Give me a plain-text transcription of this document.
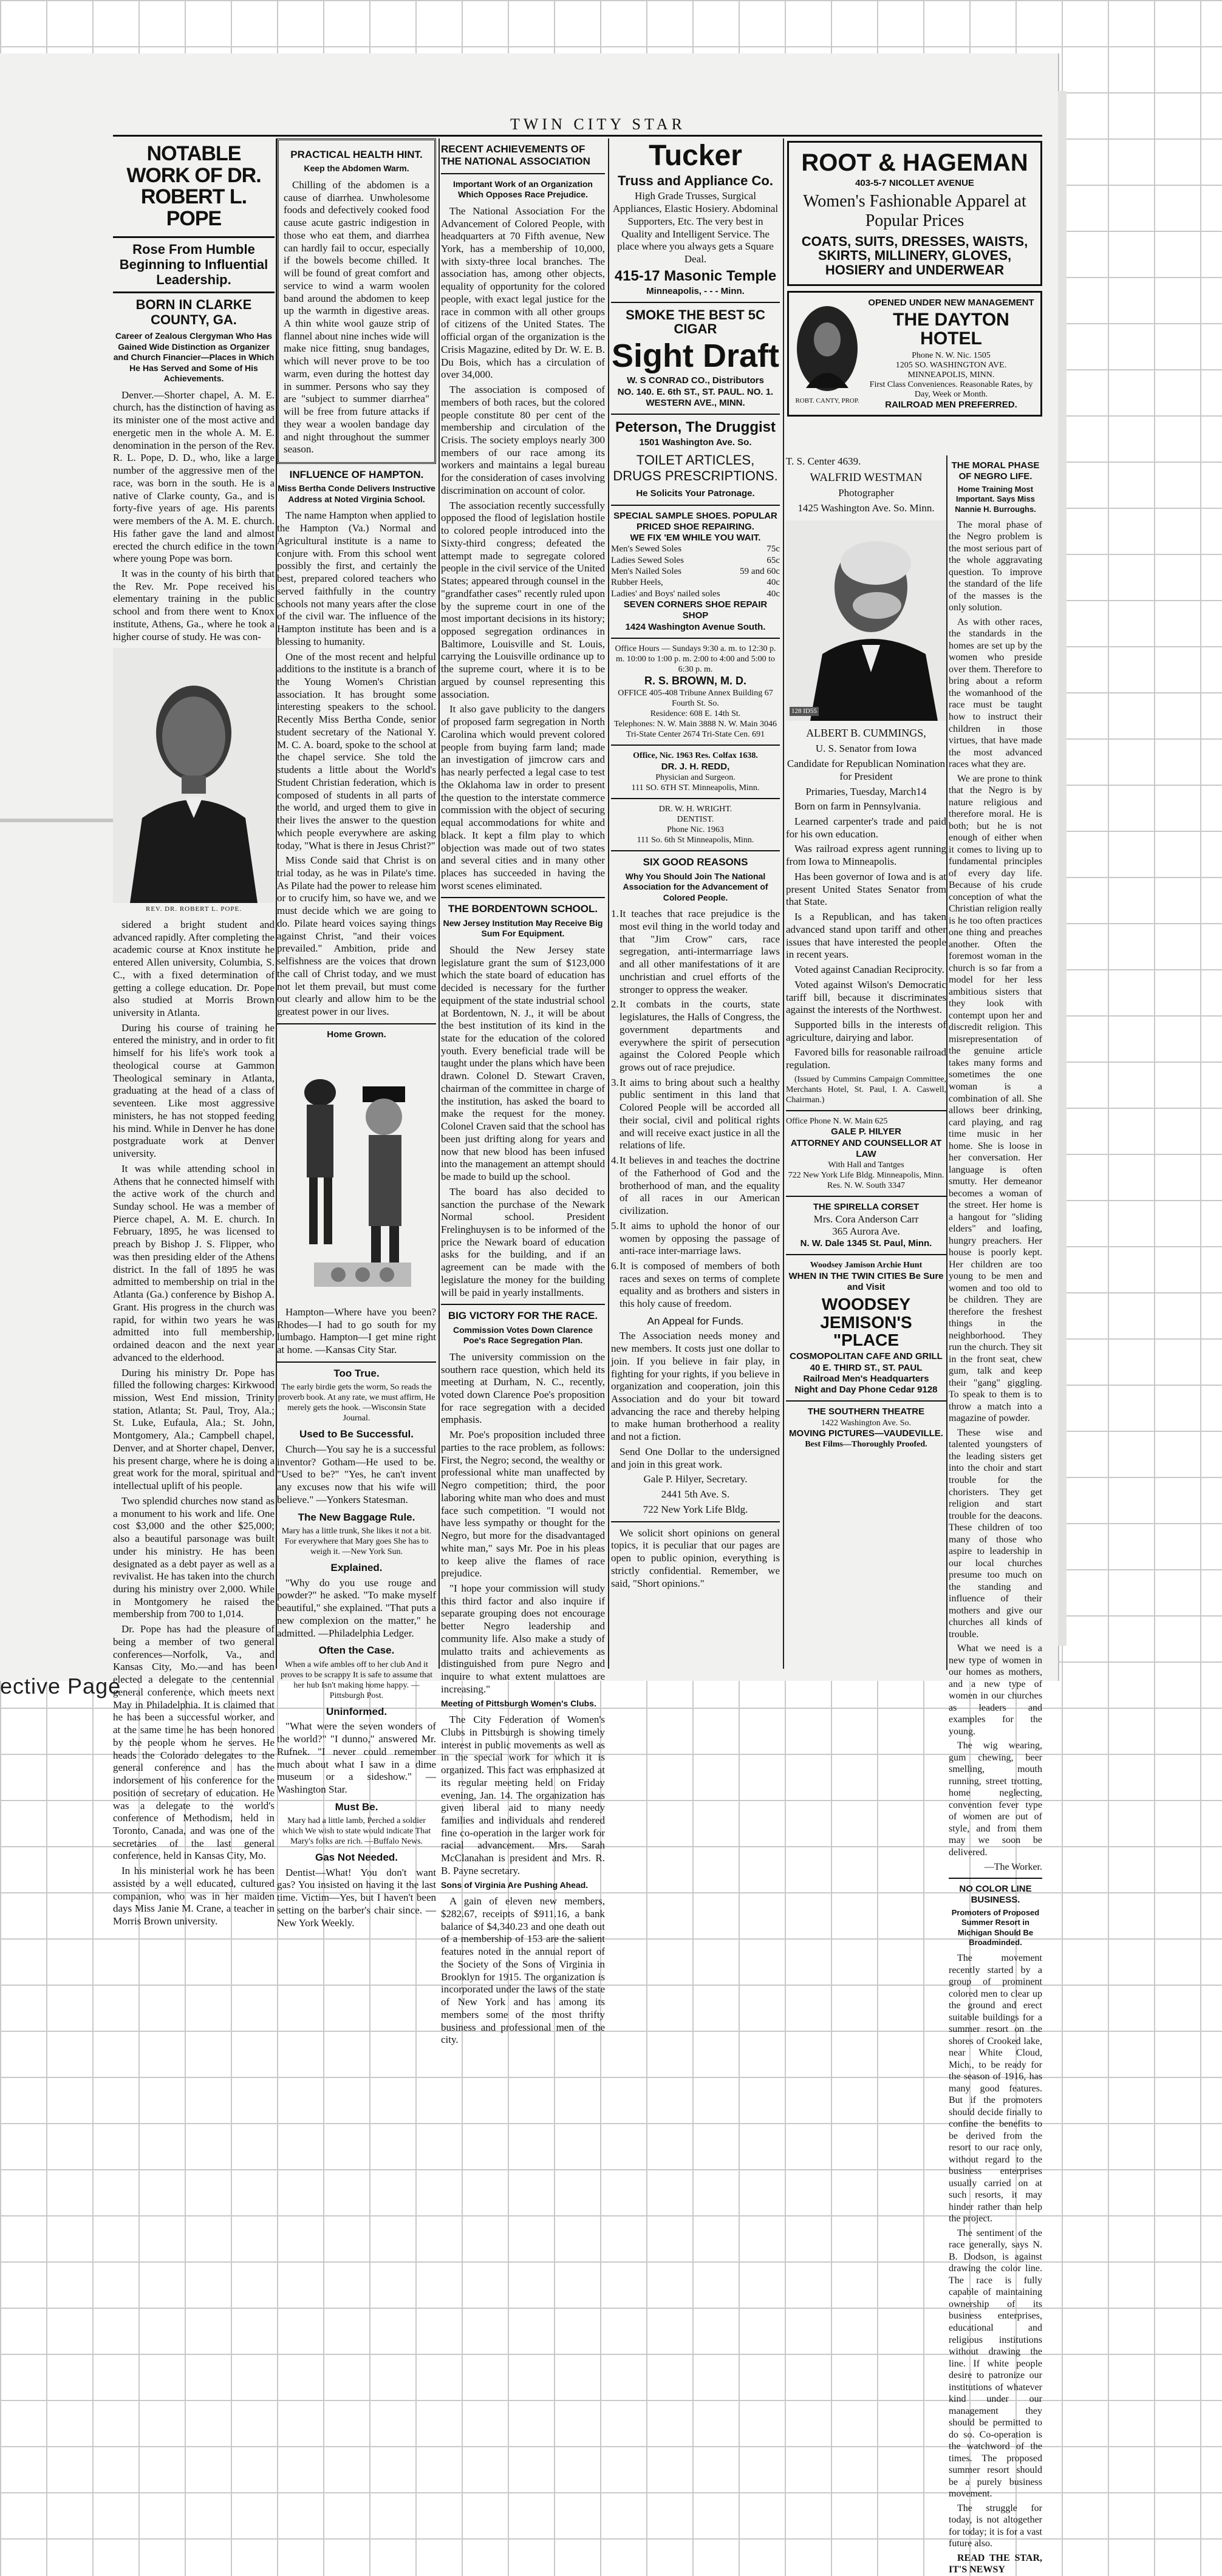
ective Page
TWIN CITY STAR
NOTABLE WORK OF DR. ROBERT L. POPE
Rose From Humble Beginning to Influential Leadership.
BORN IN CLARKE COUNTY, GA.
Career of Zealous Clergyman Who Has Gained Wide Distinction as Organizer and Church Financier—Places in Which He Has Served and Some of His Achievements.

Denver.—Shorter chapel, A. M. E. church, has the distinction of having as its minister one of the most active and energetic men in the whole A. M. E. denomination in the person of the Rev. R. L. Pope, D. D., who, like a large number of the aggressive men of the race, was born in the south. He is a native of Clarke county, Ga., and is forty-five years of age. His parents were members of the A. M. E. church. His father gave the land and almost erected the church edifice in the town where young Pope was born.

It was in the county of his birth that the Rev. Mr. Pope received his elementary training in the public school and from there went to Knox institute, Athens, Ga., where he took a higher course of study. He was con-

REV. DR. ROBERT L. POPE.

sidered a bright student and advanced rapidly. After completing the academic course at Knox institute he entered Allen university, Columbia, S. C., with a fixed determination of getting a college education. Dr. Pope also studied at Morris Brown university in Atlanta.

During his course of training he entered the ministry, and in order to fit himself for his life's work took a theological course at Gammon Theological seminary in Atlanta, graduating at the head of a class of seventeen. Like most aggressive ministers, he has not stopped feeding his mind. While in Denver he has done postgraduate work at Denver university.

It was while attending school in Athens that he connected himself with the active work of the church and Sunday school. He was a member of Pierce chapel, A. M. E. church. In February, 1895, he was licensed to preach by Bishop J. S. Flipper, who was then presiding elder of the Athens district. In the fall of 1895 he was admitted to membership on trial in the Atlanta (Ga.) conference by Bishop A. Grant. His progress in the church was rapid, for within two years he was admitted into full membership, ordained deacon and the next year advanced to the elderhood.

During his ministry Dr. Pope has filled the following charges: Kirkwood mission, West End mission, Trinity station, Atlanta; St. Paul, Troy, Ala.; St. Luke, Eufaula, Ala.; St. John, Montgomery, Ala.; Campbell chapel, Denver, and at Shorter chapel, Denver, his present charge, where he is doing a great work for the moral, spiritual and intellectual uplift of his people.

Two splendid churches now stand as a monument to his work and life. One cost $3,000 and the other $25,000; also a beautiful parsonage was built under his ministry. He has been designated as a debt payer as well as a revivalist. He has taken into the church during his ministry over 2,000. While in Montgomery he raised the membership from 700 to 1,014.

Dr. Pope has had the pleasure of being a member of two general conferences—Norfolk, Va., and Kansas City, Mo.—and has been elected a delegate to the centennial general conference, which meets next May in Philadelphia. It is claimed that he has been a successful worker, and at the same time he has been honored by the people whom he serves. He heads the Colorado delegates to the general conference and has the indorsement of his conference for the position of secretary of education. He was a delegate to the world's conference of Methodism, held in Toronto, Canada, and was one of the secretaries of the last general conference, held in Kansas City, Mo.

In his ministerial work he has been assisted by a well educated, cultured companion, who was in her maiden days Miss Janie M. Crane, a teacher in Morris Brown university.

PRACTICAL HEALTH HINT.
Keep the Abdomen Warm.

Chilling of the abdomen is a cause of diarrhea. Unwholesome foods and defectively cooked food cause acute gastric indigestion in those who eat them, and diarrhea can hardly fail to occur, especially if the bowels become chilled. It will be found of great comfort and service to wind a warm woolen band around the abdomen to keep up the warmth in digestive areas. A thin white wool gauze strip of flannel about nine inches wide will make nice fitting, snug bandages, which will never prove to be too warm, even during the hottest day in summer. Persons who say they are "subject to summer diarrhea" will be free from future attacks if they wear a woolen bandage day and night throughout the summer season.

INFLUENCE OF HAMPTON.
Miss Bertha Conde Delivers Instructive Address at Noted Virginia School.

The name Hampton when applied to the Hampton (Va.) Normal and Agricultural institute is a name to conjure with. From this school went possibly the first, and certainly the best, prepared colored teachers who served faithfully in the country schools not many years after the close of the civil war. The influence of the Hampton institute has been and is a blessing to humanity.

One of the most recent and helpful additions to the institute is a branch of the Young Women's Christian association. It has brought some interesting speakers to the school. Recently Miss Bertha Conde, senior student secretary of the National Y. M. C. A. board, spoke to the school at the chapel service. She told the students a little about the World's Student Christian federation, which is composed of students in all parts of the world, and urged them to give in their lives the answer to the question which people everywhere are asking today, "What is there in Jesus Christ?"

Miss Conde said that Christ is on trial today, as he was in Pilate's time. As Pilate had the power to release him or to crucify him, so have we, and we must decide which we are going to do. Pilate heard voices saying things against Christ, "and their voices prevailed." Ambition, pride and selfishness are the voices that drown the call of Christ today, and we must not let them prevail, but must come out clearly and allow him to be the greatest power in our lives.

Home Grown.

Hampton—Where have you been? Rhodes—I had to go south for my lumbago. Hampton—I get mine right at home. —Kansas City Star.

Too True.

The early birdie gets the worm, So reads the proverb book. At any rate, we must affirm, He merely gets the hook. —Wisconsin State Journal.

Used to Be Successful.

Church—You say he is a successful inventor? Gotham—He used to be. "Used to be?" "Yes, he can't invent any excuses now that his wife will believe." —Yonkers Statesman.

The New Baggage Rule.

Mary has a little trunk, She likes it not a bit. For everywhere that Mary goes She has to weigh it. —New York Sun.

Explained.

"Why do you use rouge and powder?" he asked. "To make myself beautiful," she explained. "That puts a new complexion on the matter," he admitted. —Philadelphia Ledger.

Often the Case.

When a wife ambles off to her club And it proves to be scrappy It is safe to assume that her hub Isn't making home happy. —Pittsburgh Post.

Uninformed.

"What were the seven wonders of the world?" "I dunno," answered Mr. Rufnek. "I never could remember much about what I saw in a dime museum or a sideshow." —Washington Star.

Must Be.

Mary had a little lamb, Perched a soldier which We wish to state would indicate That Mary's folks are rich. —Buffalo News.

Gas Not Needed.

Dentist—What! You don't want gas? You insisted on having it the last time. Victim—Yes, but I haven't been setting on the barber's chair since. —New York Weekly.

RECENT ACHIEVEMENTS OF THE NATIONAL ASSOCIATION
Important Work of an Organization Which Opposes Race Prejudice.

The National Association For the Advancement of Colored People, with headquarters at 70 Fifth avenue, New York, has a membership of 10,000, with sixty-three local branches. The association has, among other objects, equality of opportunity for the colored people, with exact legal justice for the race in common with all other groups of citizens of the United States. The official organ of the organization is the Crisis Magazine, edited by Dr. W. E. B. Du Bois, which has a circulation of over 34,000.

The association is composed of members of both races, but the colored people constitute 80 per cent of the membership and circulation of the Crisis. The society employs nearly 300 members of our race among its workers and maintains a legal bureau for the consideration of cases involving discrimination on account of color.

The association recently successfully opposed the flood of legislation hostile to colored people introduced into the Sixty-third congress; defeated the attempt made to segregate colored people in the civil service of the United States; appeared through counsel in the "grandfather cases" recently ruled upon by the supreme court in one of the most important decisions in its history; opposed segregation ordinances in Baltimore, Louisville and St. Louis, carrying the Louisville ordinance up to the supreme court, where it is to be argued by counsel representing this association.

It also gave publicity to the dangers of proposed farm segregation in North Carolina which would prevent colored people from buying farm land; made an investigation of jimcrow cars and has nearly perfected a legal case to test the Oklahoma law in order to present the question to the interstate commerce commission with the object of securing equal accommodations for white and black. It kept a film play to which objection was made out of two states and several cities and in many other places has succeeded in having the worst scenes eliminated.

THE BORDENTOWN SCHOOL.
New Jersey Institution May Receive Big Sum For Equipment.

Should the New Jersey state legislature grant the sum of $123,000 which the state board of education has decided is necessary for the further equipment of the state industrial school at Bordentown, N. J., it will be about the best institution of its kind in the state for the education of the colored youth. Every beneficial trade will be taught under the plans which have been drawn. Colonel D. Stewart Craven, chairman of the committee in charge of the institution, has asked the board to make the request for the money. Colonel Craven said that the school has been just drifting along for years and now that new blood has been infused into the management an attempt should be made to build up the school.

The board has also decided to sanction the purchase of the Newark Normal school. President Frelinghuysen is to be informed of the price the Newark board of education asks for the building, and if an agreement can be made with the legislature the money for the building will be paid in yearly installments.

BIG VICTORY FOR THE RACE.
Commission Votes Down Clarence Poe's Race Segregation Plan.

The university commission on the southern race question, which held its meeting at Durham, N. C., recently, voted down Clarence Poe's proposition for race segregation with a decided emphasis.

Mr. Poe's proposition included three parties to the race problem, as follows: First, the Negro; second, the wealthy or professional white man unaffected by Negro competition; third, the poor laboring white man who does and must face such competition. "I would not have less sympathy or thought for the Negro, but more for the disadvantaged white man," says Mr. Poe in his pleas to keep alive the flames of race prejudice.

"I hope your commission will study this third factor and also inquire if separate grouping does not encourage better Negro leadership and community life. Also make a study of mulatto traits and achievements as distinguished from pure Negro and inquire to what extent mulattoes are increasing."

Meeting of Pittsburgh Women's Clubs.

The City Federation of Women's Clubs in Pittsburgh is showing timely interest in public movements as well as in the special work for which it is organized. This fact was emphasized at its regular meeting held on Friday evening, Jan. 14. The organization has given liberal aid to many needy families and individuals and rendered fine co-operation in the larger work for racial advancement. Mrs. Sarah McClanahan is president and Mrs. R. B. Payne secretary.

Sons of Virginia Are Pushing Ahead.

A gain of eleven new members, $282.67, receipts of $911.16, a bank balance of $4,340.23 and one death out of a membership of 153 are the salient features noted in the annual report of the Society of the Sons of Virginia in Brooklyn for 1915. The organization is incorporated under the laws of the state of New York and has among its members some of the most thrifty business and professional men of the city.

Tucker
Truss and Appliance Co.

High Grade Trusses, Surgical Appliances, Elastic Hosiery. Abdominal Supporters, Etc. The very best in Quality and Intelligent Service. The place where you always gets a Square Deal.

415-17 Masonic Temple
Minneapolis, - - - Minn.
SMOKE THE BEST 5C CIGAR
Sight Draft
W. S CONRAD CO., Distributors
NO. 140. E. 6th ST., ST. PAUL. NO. 1. WESTERN AVE., MINN.
Peterson, The Druggist
1501 Washington Ave. So.
TOILET ARTICLES, DRUGS PRESCRIPTIONS.
He Solicits Your Patronage.
SPECIAL SAMPLE SHOES. POPULAR PRICED SHOE REPAIRING.
WE FIX 'EM WHILE YOU WAIT.
Men's Sewed Soles	75c
Ladies Sewed Soles	65c
Men's Nailed Soles	59 and 60c
Rubber Heels,	40c
Ladies' and Boys' nailed soles	40c
SEVEN CORNERS SHOE REPAIR SHOP
1424 Washington Avenue South.
Office Hours — Sundays 9:30 a. m. to 12:30 p. m. 10:00 to 1:00 p. m. 2:00 to 4:00 and 5:00 to 6:30 p. m.
R. S. BROWN, M. D.
OFFICE 405-408 Tribune Annex Building 67 Fourth St. So.
Residence: 608 E. 14th St.
Telephones: N. W. Main 3888 N. W. Main 3046 Tri-State Center 2674 Tri-State Cen. 691
Office, Nic. 1963 Res. Colfax 1638.
DR. J. H. REDD,
Physician and Surgeon.
111 SO. 6TH ST. Minneapolis, Minn.
DR. W. H. WRIGHT.
DENTIST.
Phone Nic. 1963
111 So. 6th St Minneapolis, Minn.
SIX GOOD REASONS
Why You Should Join The National Association for the Advancement of Colored People.

1. It teaches that race prejudice is the most evil thing in the world today and that "Jim Crow" cars, race segregation, anti-intermarriage laws and all other manifestations of it are unchristian and cruel efforts of the stronger to oppress the weaker.

2. It combats in the courts, state legislatures, the Halls of Congress, the government departments and everywhere the spirit of persecution against the Colored People which grows out of race prejudice.

3. It aims to bring about such a healthy public sentiment in this land that Colored People will be accorded all their social, civil and political rights and will receive exact justice in all the relations of life.

4. It believes in and teaches the doctrine of the Fatherhood of God and the brotherhood of man, and the equality of all races in our American civilization.

5. It aims to uphold the honor of our women by opposing the passage of anti-race inter-marriage laws.

6. It is composed of members of both races and sexes on terms of complete equality and as brothers and sisters in this holy cause of freedom.

An Appeal for Funds.

The Association needs money and new members. It costs just one dollar to join. If you believe in fair play, in fighting for your rights, if you believe in organization and cooperation, join this Association and do your bit toward advancing the race and thereby helping to make human brotherhood a reality and not a fiction.

Send One Dollar to the undersigned and join in this great work.

Gale P. Hilyer, Secretary.

2441 5th Ave. S.

722 New York Life Bldg.

We solicit short opinions on general topics, it is peculiar that our pages are open to public opinion, everything is strictly confidential. Remember, we said, "Short opinions."

ROOT & HAGEMAN
403-5-7 NICOLLET AVENUE
Women's Fashionable Apparel at Popular Prices
COATS, SUITS, DRESSES, WAISTS, SKIRTS, MILLINERY, GLOVES, HOSIERY and UNDERWEAR
ROBT. CANTY, PROP.
OPENED UNDER NEW MANAGEMENT
THE DAYTON HOTEL
Phone N. W. Nic. 1505
1205 SO. WASHINGTON AVE. MINNEAPOLIS, MINN.
First Class Conveniences. Reasonable Rates, by Day, Week or Month.
RAILROAD MEN PREFERRED.

T. S. Center 4639.

WALFRID WESTMAN

Photographer

1425 Washington Ave. So. Minn.

128 ID55

ALBERT B. CUMMINGS,

U. S. Senator from Iowa

Candidate for Republican Nomination for President

Primaries, Tuesday, March14

Born on farm in Pennsylvania.

Learned carpenter's trade and paid for his own education.

Was railroad express agent running from Iowa to Minneapolis.

Has been governor of Iowa and is at present United States Senator from that State.

Is a Republican, and has taken advanced stand upon tariff and other issues that have interested the people in recent years.

Voted against Canadian Reciprocity.

Voted against Wilson's Democratic tariff bill, because it discriminates against the interests of the Northwest.

Supported bills in the interests of agriculture, dairying and labor.

Favored bills for reasonable railroad regulation.

(Issued by Cummins Campaign Committee, Merchants Hotel, St. Paul, I. A. Caswell, Chairman.)

Office Phone N. W. Main 625
GALE P. HILYER
ATTORNEY AND COUNSELLOR AT LAW
With Hall and Tantges
722 New York Life Bldg. Minneapolis, Minn.
Res. N. W. South 3347
THE SPIRELLA CORSET
Mrs. Cora Anderson Carr
365 Aurora Ave.
N. W. Dale 1345 St. Paul, Minn.
Woodsey Jamison Archie Hunt
WHEN IN THE TWIN CITIES Be Sure and Visit
WOODSEY JEMISON'S "PLACE
COSMOPOLITAN CAFE AND GRILL
40 E. THIRD ST., ST. PAUL
Railroad Men's Headquarters
Night and Day Phone Cedar 9128
THE SOUTHERN THEATRE
1422 Washington Ave. So.
MOVING PICTURES—VAUDEVILLE.
Best Films—Thoroughly Proofed.
THE MORAL PHASE OF NEGRO LIFE.
Home Training Most Important. Says Miss Nannie H. Burroughs.

The moral phase of the Negro problem is the most serious part of the whole aggravating question. To improve the standard of the life of the masses is the only solution.

As with other races, the standards in the homes are set up by the women who preside over them. Therefore to bring about a reform the womanhood of the race must be taught how to instruct their children in those virtues, that have made the most advanced races what they are.

We are prone to think that the Negro is by nature religious and therefore moral. He is both; but he is not enough of either when it comes to living up to fundamental principles of every day life. Because of his crude conception of what the Christian religion really is he too often practices one thing and preaches another. Often the foremost woman in the church is so far from a model for her less ambitious sisters that they look with contempt upon her and discredit religion. This misrepresentation of the genuine article takes many forms and sometimes the one woman is a combination of all. She allows beer drinking, card playing, and rag time music in her home. She is loose in her conversation. Her language is often smutty. Her demeanor becomes a woman of the street. Her home is a hangout for "sliding elders" and loafing, hungry preachers. Her house is poorly kept. Her children are too young to be men and women and too old to be children. They are therefore the freshest things in the neighborhood. They run the church. They sit in the front seat, chew gum, talk and keep their "gang" giggling. To speak to them is to throw a match into a magazine of powder.

These wise and talented youngsters of the leading sisters get into the choir and start trouble for the choristers. They get religion and start trouble for the deacons. These children of too many of those who aspire to leadership in our local churches presume too much on the standing and influence of their mothers and give our churches all kinds of trouble.

What we need is a new type of women in our homes as mothers, and a new type of women in our churches as leaders and examples for the young.

The wig wearing, gum chewing, beer smelling, mouth running, street trotting, home neglecting, convention fever type of women are out of style, and from them may we soon be delivered.

—The Worker.

NO COLOR LINE BUSINESS.
Promoters of Proposed Summer Resort in Michigan Should Be Broadminded.

The movement recently started by a group of prominent colored men to clear up the ground and erect suitable buildings for a summer resort on the shores of Crooked lake, near White Cloud, Mich., to be ready for the season of 1916, has many good features. But if the promoters should decide finally to confine the benefits to be derived from the resort to our race only, without regard to the business enterprises usually carried on at such resorts, it may hinder rather than help the project.

The sentiment of the race generally, says N. B. Dodson, is against drawing the color line. The race is fully capable of maintaining ownership of its business enterprises, educational and religious institutions without drawing the line. If white people desire to patronize our institutions of whatever kind under our management they should be permitted to do so. Co-operation is the watchword of the times. The proposed summer resort should be a purely business movement.

The struggle for today, is not altogether for today; it is for a vast future also.

READ THE STAR, IT'S NEWSY
